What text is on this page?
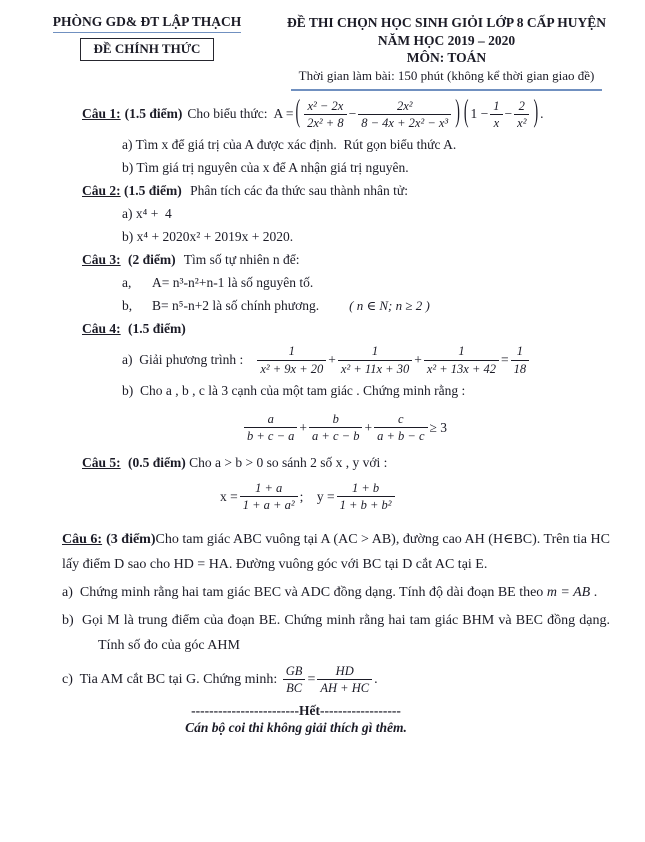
PHÒNG GD& ĐT LẬP THẠCH
ĐỀ CHÍNH THỨC
ĐỀ THI CHỌN HỌC SINH GIỎI LỚP 8 CẤP HUYỆN
NĂM HỌC 2019 – 2020
MÔN: TOÁN
Thời gian làm bài: 150 phút (không kể thời gian giao đề)
Câu 1: (1.5 điểm) Cho biểu thức: A = ( $\frac{\text{x² − 2x}}{\text{2x² + 8}} - \frac{\text{2x²}}{\text{8 − 4x + 2x² − x³}}$ ) ( $1 - \frac{1}{x} - \frac{2}{\text{x²}}$ ) .

a) Tìm x để giá trị của A được xác định.  Rút gọn biểu thức A.

b) Tìm giá trị nguyên của x để A nhận giá trị nguyên.

Câu 2: (1.5 điểm) Phân tích các đa thức sau thành nhân tử:

a) x⁴ +  4

b) x⁴ + 2020x² + 2019x + 2020.

Câu 3: (2 điểm) Tìm số tự nhiên n để:

a, A= n³-n²+n-1 là số nguyên tố.

b, B= n⁵-n+2 là số chính phương. ( n ∈ N; n ≥ 2 )

Câu 4: (1.5 điểm)
a)  Giải phương trình : $\frac{1}{\text{x² + 9x + 20}} + \frac{1}{\text{x² + 11x + 30}} + \frac{1}{\text{x² + 13x + 42}} = \frac{1}{18}$

b)  Cho a , b , c là 3 cạnh của một tam giác . Chứng minh rằng :

$\frac{a}{b + c - a} + \frac{b}{a + c - b} + \frac{c}{a + b - c} \ge 3$
Câu 5: (0.5 điểm) Cho a > b > 0 so sánh 2 số x , y với :
$x = \frac{1 + a}{\text{1 + a + a²}}$ ; $y = \frac{1 + b}{\text{1 + b + b²}}$

Câu 6: (3 điểm)Cho tam giác ABC vuông tại A (AC > AB), đường cao AH (H∈BC). Trên tia HC lấy điểm D sao cho HD = HA. Đường vuông góc với BC tại D cắt AC tại E.

a)  Chứng minh rằng hai tam giác BEC và ADC đồng dạng. Tính độ dài đoạn BE theo m = AB .

b)  Gọi M là trung điểm của đoạn BE. Chứng minh rằng hai tam giác BHM và BEC đồng dạng. Tính số đo của góc AHM

c)  Tia AM cắt BC tại G. Chứng minh: $\frac{GB}{BC} = \frac{HD}{AH + HC}$ .
------------------------Hết------------------
Cán bộ coi thi không giải thích gì thêm.
